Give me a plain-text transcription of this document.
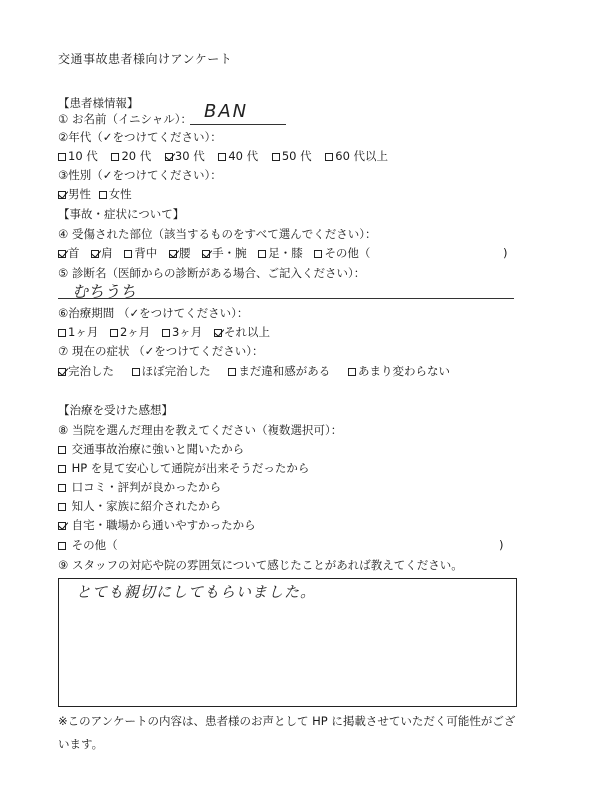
交通事故患者様向けアンケート
【患者様情報】
① お名前（イニシャル）： BAN
②年代（✓をつけてください）：
10 代 20 代 30 代 40 代 50 代 60 代以上
③性別（✓をつけてください）：
男性 女性
【事故・症状について】
④ 受傷された部位（該当するものをすべて選んでください）：
首 肩 背中 腰 手・腕 足・膝 その他（	)
⑤ 診断名（医師からの診断がある場合、ご記入ください）：
むちうち
⑥治療期間 （✓をつけてください）：
1ヶ月 2ヶ月 3ヶ月 それ以上
⑦ 現在の症状 （✓をつけてください）：
完治した ほぼ完治した まだ違和感がある あまり変わらない
【治療を受けた感想】
⑧ 当院を選んだ理由を教えてください（複数選択可）：
交通事故治療に強いと聞いたから
HP を見て安心して通院が出来そうだったから
口コミ・評判が良かったから
知人・家族に紹介されたから
自宅・職場から通いやすかったから
その他（	)
⑨ スタッフの対応や院の雰囲気について感じたことがあれば教えてください。
とても親切にしてもらいました。
※このアンケートの内容は、患者様のお声として HP に掲載させていただく可能性がござ
います。
